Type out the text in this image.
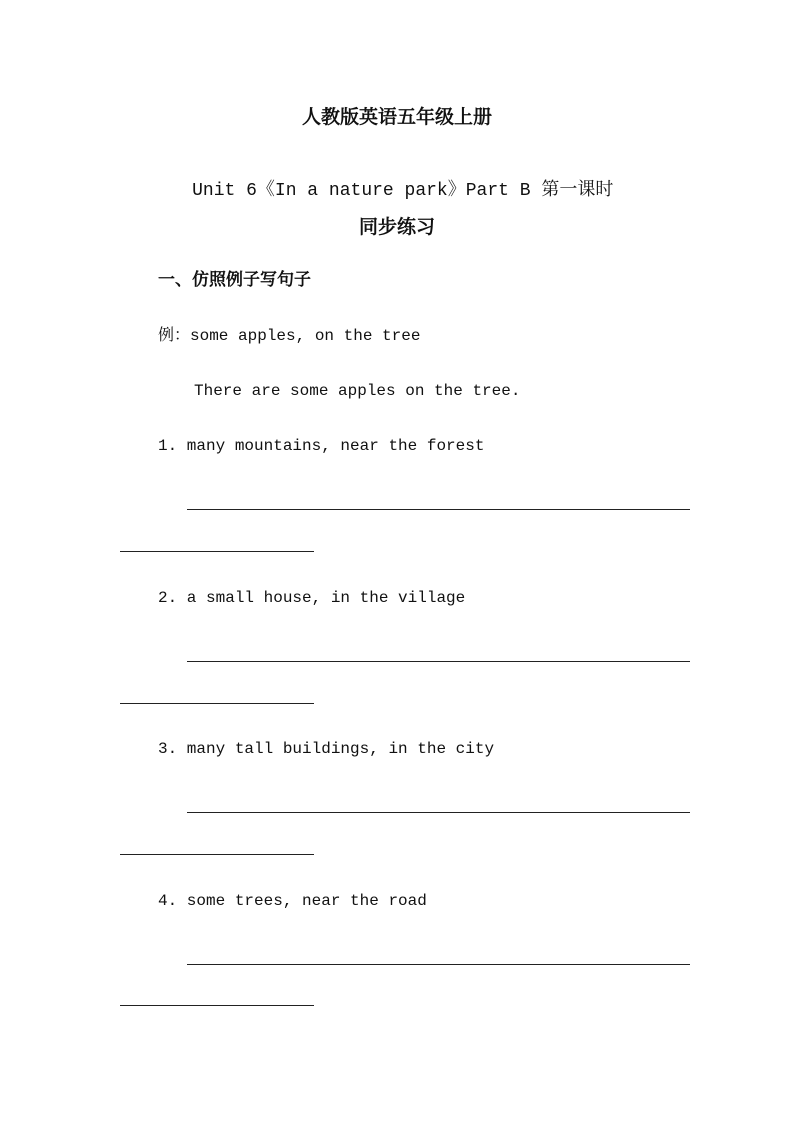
人教版英语五年级上册

Unit 6《In a nature park》Part B 第一课时

同步练习
一、仿照例子写句子
例：some apples, on the tree
There are some apples on the tree.
1. many mountains, near the forest
2. a small house, in the village
3. many tall buildings, in the city
4. some trees, near the road
